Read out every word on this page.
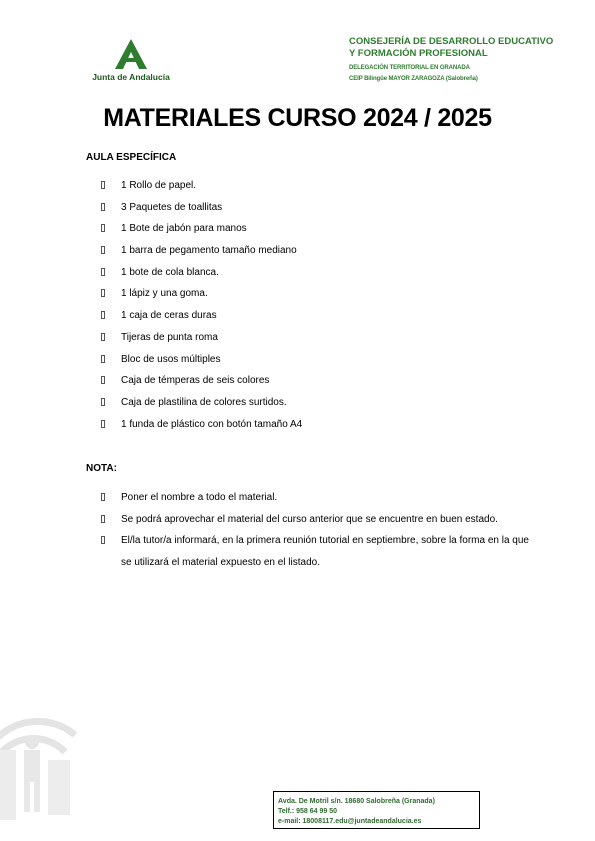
Junta de Andalucía
CONSEJERÍA DE DESARROLLO EDUCATIVO
Y FORMACIÓN PROFESIONAL
DELEGACIÓN TERRITORIAL EN GRANADA
CEIP Bilingüe MAYOR ZARAGOZA (Salobreña)
MATERIALES CURSO 2024 / 2025
AULA ESPECÍFICA
1 Rollo de papel.
3 Paquetes de toallitas
1 Bote de jabón para manos
1 barra de pegamento tamaño mediano
1 bote de cola blanca.
1 lápiz y una goma.
1 caja de ceras duras
Tijeras de punta roma
Bloc de usos múltiples
Caja de témperas de seis colores
Caja de plastilina de colores surtidos.
1 funda de plástico con botón tamaño A4
NOTA:
Poner el nombre a todo el material.
Se podrá aprovechar el material del curso anterior que se encuentre en buen estado.
El/la tutor/a informará, en la primera reunión tutorial en septiembre, sobre la forma en la que se utilizará el material expuesto en el listado.
Avda. De Motril s/n. 18680 Salobreña (Granada)
Telf.: 958 64 99 50
e-mail: 18008117.edu@juntadeandalucia.es
